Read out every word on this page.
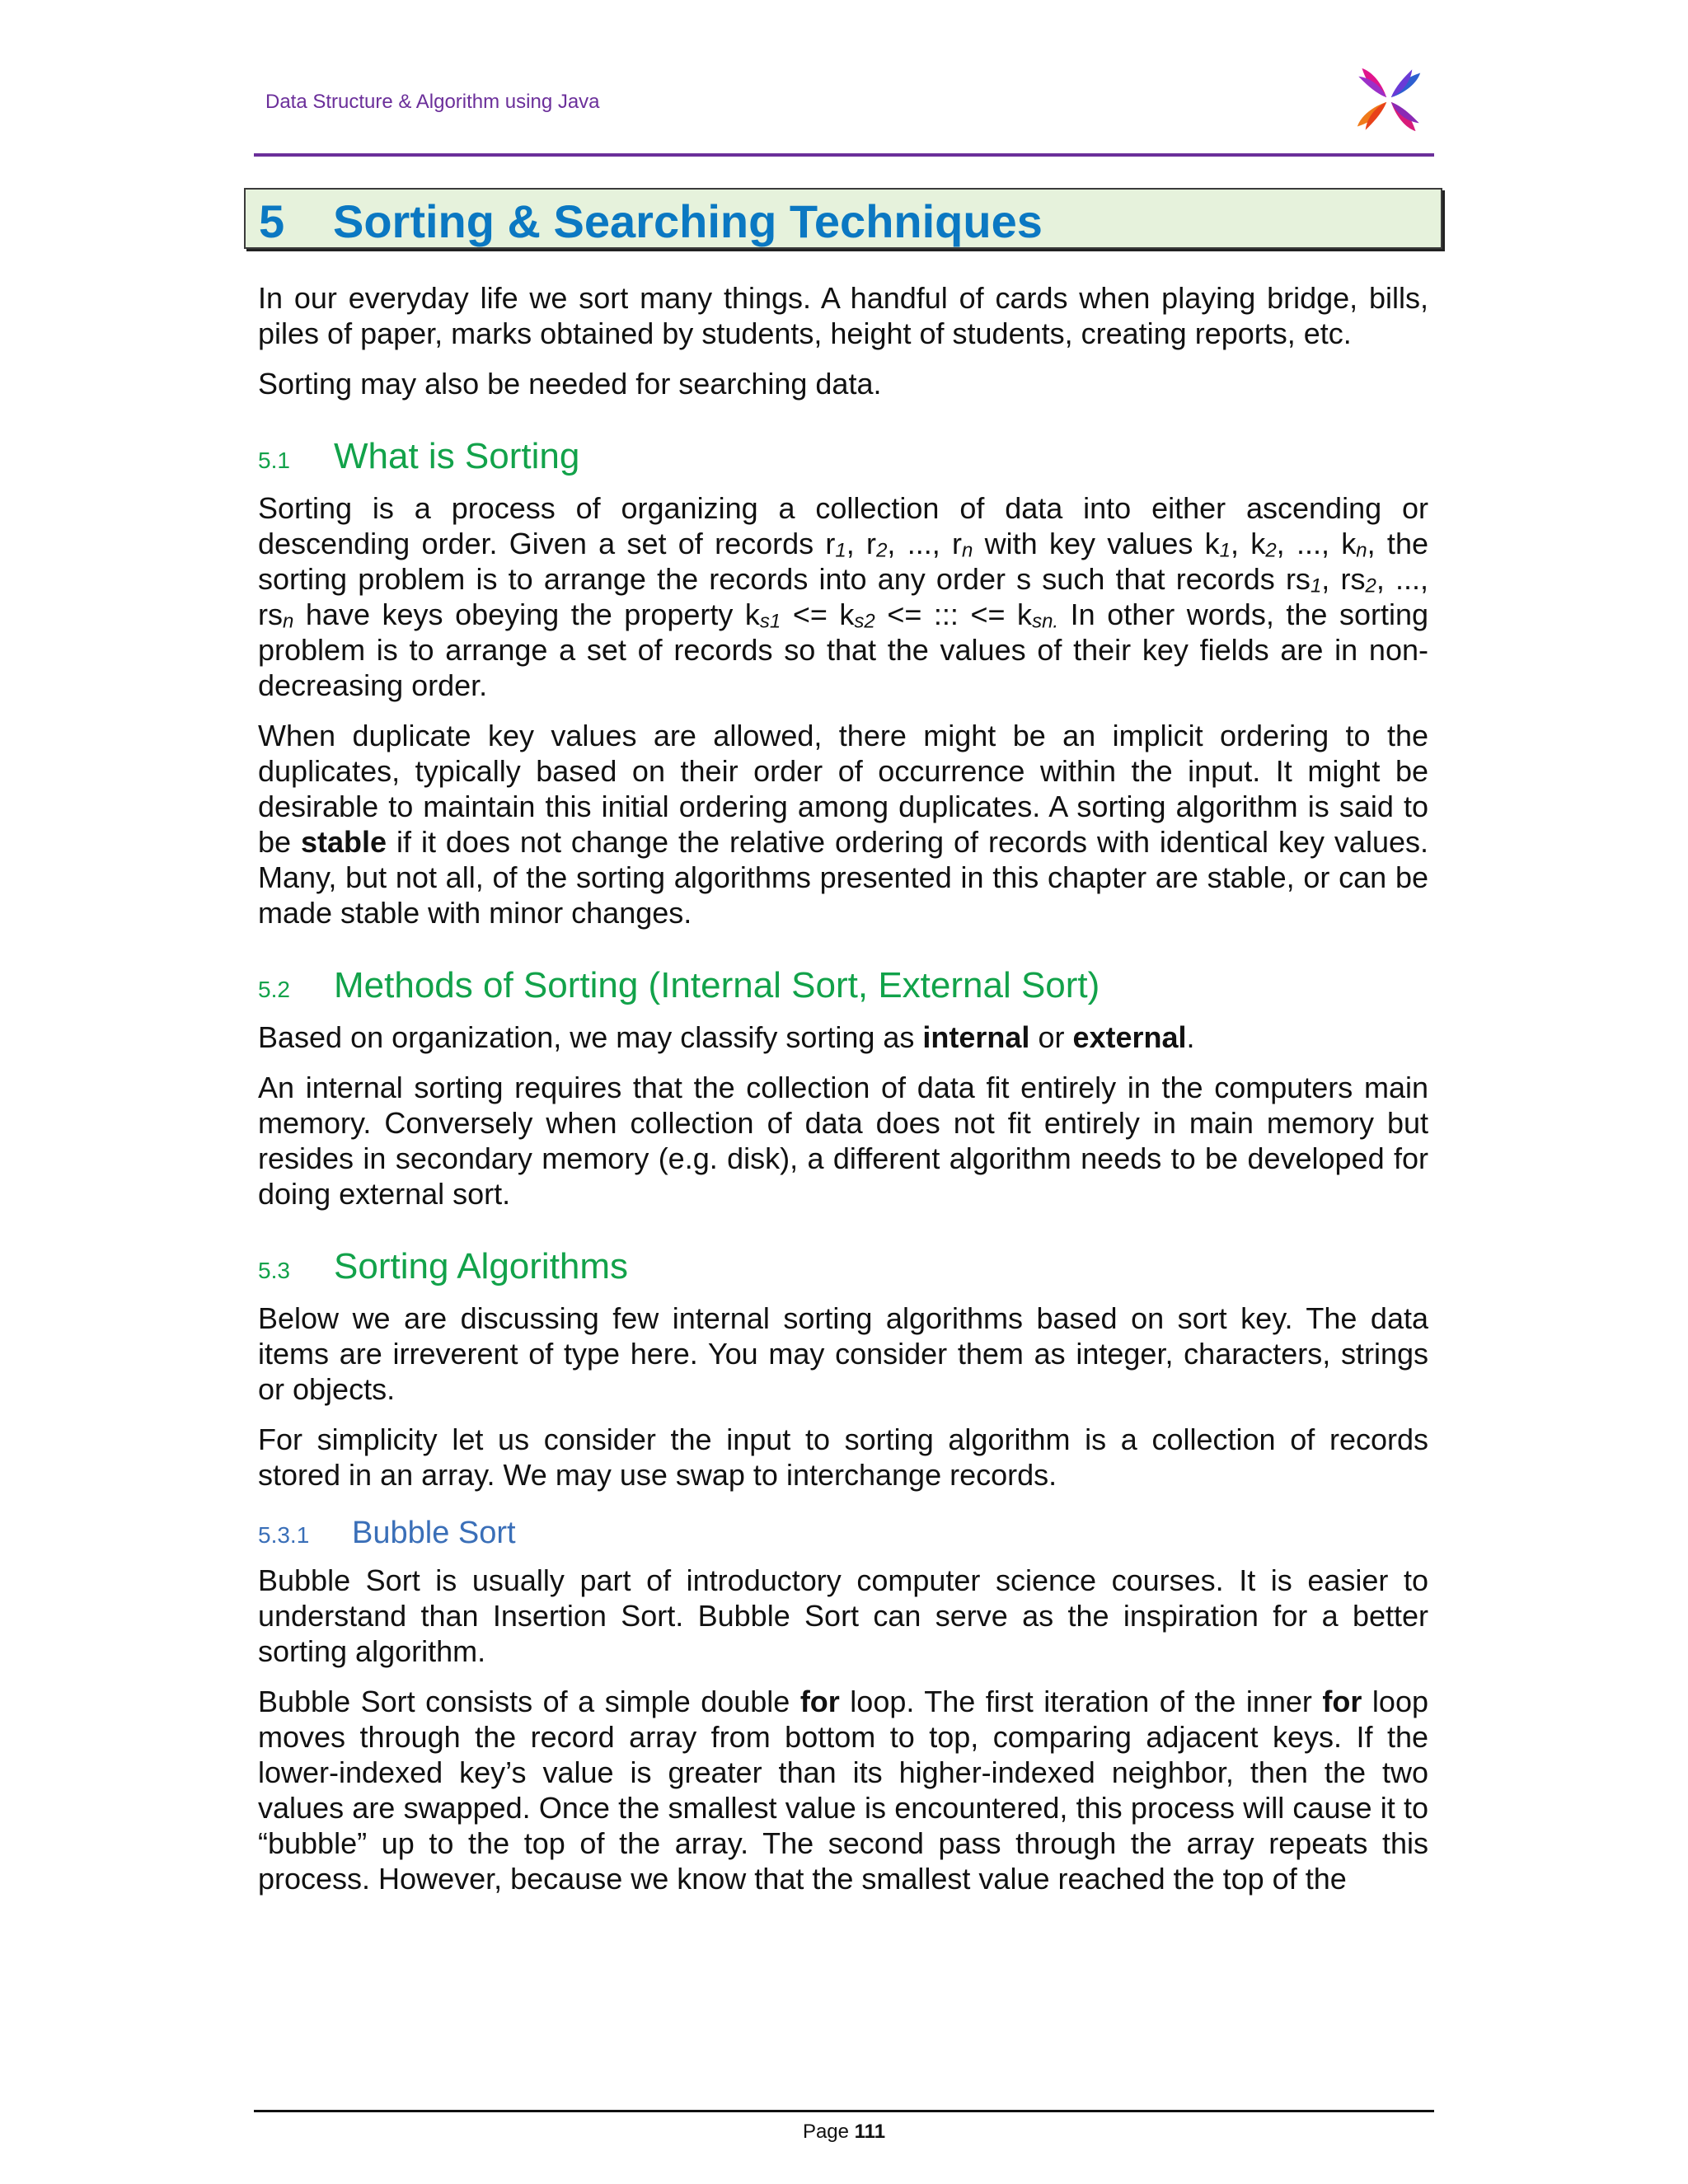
Data Structure & Algorithm using Java
5 Sorting & Searching Techniques

In our everyday life we sort many things. A handful of cards when playing bridge, bills, piles of paper, marks obtained by students, height of students, creating reports, etc.

Sorting may also be needed for searching data.

5.1	What is Sorting

Sorting is a process of organizing a collection of data into either ascending or descending order. Given a set of records $r_1$, $r_2$, ..., $r_n$ with key values $k_1$, $k_2$, ..., $k_n$, the sorting problem is to arrange the records into any order s such that records $rs_1$, $rs_2$, ..., $rs_n$ have keys obeying the property $k_{s1} <= k_{s2}$ <= ::: <= $k_{sn.}$ In other words, the sorting problem is to arrange a set of records so that the values of their key fields are in non-decreasing order.

When duplicate key values are allowed, there might be an implicit ordering to the duplicates, typically based on their order of occurrence within the input. It might be desirable to maintain this initial ordering among duplicates. A sorting algorithm is said to be stable if it does not change the relative ordering of records with identical key values. Many, but not all, of the sorting algorithms presented in this chapter are stable, or can be made stable with minor changes.

5.2	Methods of Sorting (Internal Sort, External Sort)

Based on organization, we may classify sorting as internal or external.

An internal sorting requires that the collection of data fit entirely in the computers main memory. Conversely when collection of data does not fit entirely in main memory but resides in secondary memory (e.g. disk), a different algorithm needs to be developed for doing external sort.

5.3	Sorting Algorithms

Below we are discussing few internal sorting algorithms based on sort key. The data items are irreverent of type here. You may consider them as integer, characters, strings or objects.

For simplicity let us consider the input to sorting algorithm is a collection of records stored in an array. We may use swap to interchange records.

5.3.1	Bubble Sort

Bubble Sort is usually part of introductory computer science courses. It is easier to understand than Insertion Sort. Bubble Sort can serve as the inspiration for a better sorting algorithm.

Bubble Sort consists of a simple double for loop. The first iteration of the inner for loop moves through the record array from bottom to top, comparing adjacent keys. If the lower-indexed key’s value is greater than its higher-indexed neighbor, then the two values are swapped. Once the smallest value is encountered, this process will cause it to “bubble” up to the top of the array. The second pass through the array repeats this process. However, because we know that the smallest value reached the top of the

Page 111
